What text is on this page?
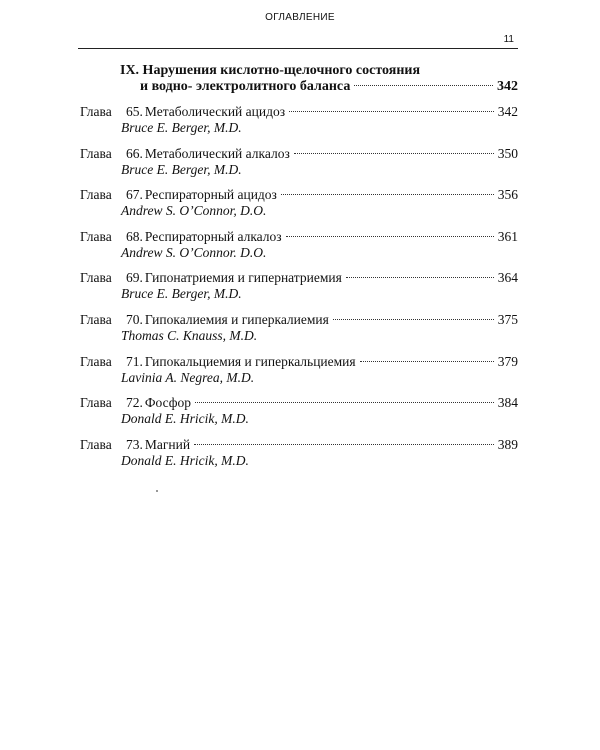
ОГЛАВЛЕНИЕ
11
IX. Нарушения кислотно-щелочного состояния
и водно- электролитного баланса	342
Глава	65. Метаболический ацидоз	342
Bruce E. Berger, M.D.
Глава	66. Метаболический алкалоз	350
Bruce E. Berger, M.D.
Глава	67. Респираторный ацидоз	356
Andrew S. O’Connor, D.O.
Глава	68. Респираторный алкалоз	361
Andrew S. O’Connor. D.O.
Глава	69. Гипонатриемия и гипернатриемия	364
Bruce E. Berger, M.D.
Глава	70. Гипокалиемия и гиперкалиемия	375
Thomas C. Knauss, M.D.
Глава	71. Гипокальциемия и гиперкальциемия	379
Lavinia A. Negrea, M.D.
Глава	72. Фосфор	384
Donald E. Hricik, M.D.
Глава	73. Магний	389
Donald E. Hricik, M.D.
